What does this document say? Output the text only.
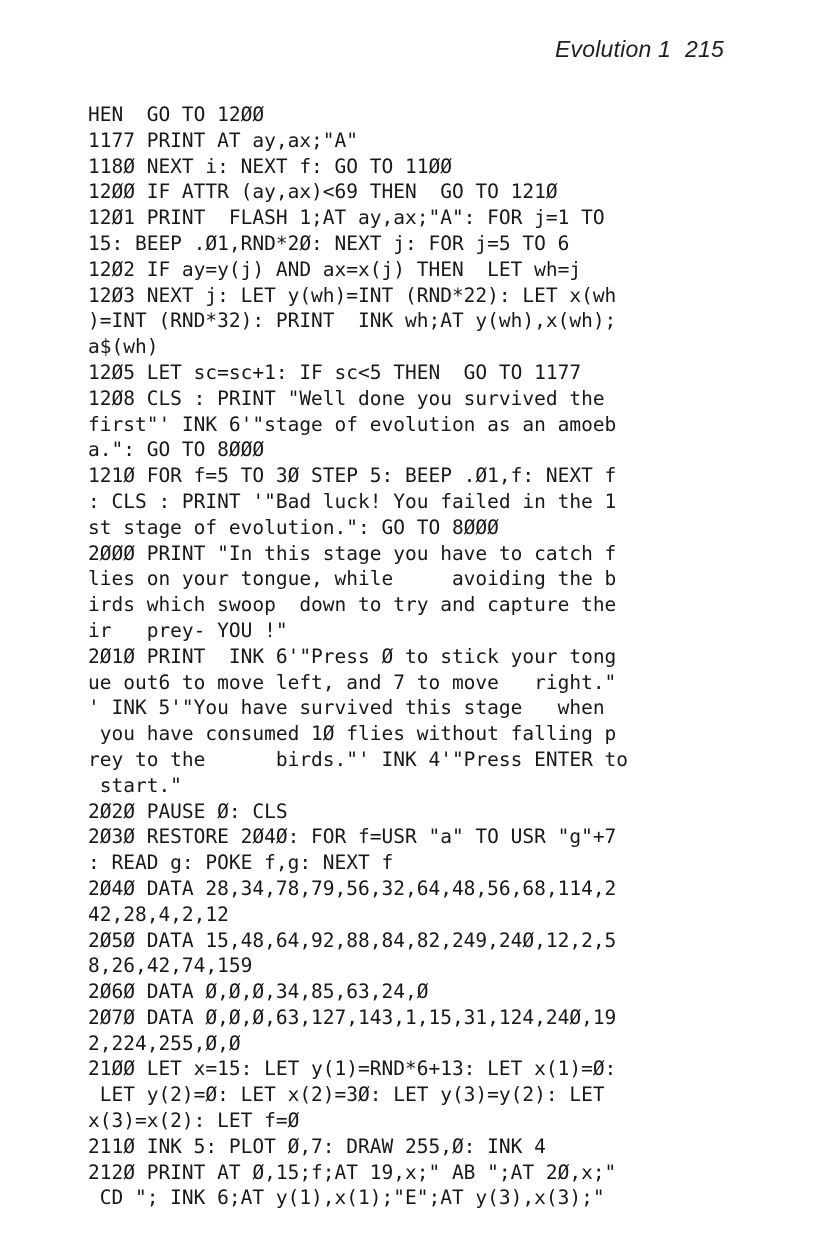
Evolution 1 215
HEN  GO TO 12ØØ
1177 PRINT AT ay,ax;"A"
118Ø NEXT i: NEXT f: GO TO 11ØØ
12ØØ IF ATTR (ay,ax)<69 THEN  GO TO 121Ø
12Ø1 PRINT  FLASH 1;AT ay,ax;"A": FOR j=1 TO
15: BEEP .Ø1,RND*2Ø: NEXT j: FOR j=5 TO 6
12Ø2 IF ay=y(j) AND ax=x(j) THEN  LET wh=j
12Ø3 NEXT j: LET y(wh)=INT (RND*22): LET x(wh
)=INT (RND*32): PRINT  INK wh;AT y(wh),x(wh);
a$(wh)
12Ø5 LET sc=sc+1: IF sc<5 THEN  GO TO 1177
12Ø8 CLS : PRINT "Well done you survived the
first"' INK 6'"stage of evolution as an amoeb
a.": GO TO 8ØØØ
121Ø FOR f=5 TO 3Ø STEP 5: BEEP .Ø1,f: NEXT f
: CLS : PRINT '"Bad luck! You failed in the 1
st stage of evolution.": GO TO 8ØØØ
2ØØØ PRINT "In this stage you have to catch f
lies on your tongue, while     avoiding the b
irds which swoop  down to try and capture the
ir   prey- YOU !"
2Ø1Ø PRINT  INK 6'"Press Ø to stick your tong
ue out6 to move left, and 7 to move   right."
' INK 5'"You have survived this stage   when
you have consumed 1Ø flies without falling p
rey to the      birds."' INK 4'"Press ENTER to
start."
2Ø2Ø PAUSE Ø: CLS
2Ø3Ø RESTORE 2Ø4Ø: FOR f=USR "a" TO USR "g"+7
: READ g: POKE f,g: NEXT f
2Ø4Ø DATA 28,34,78,79,56,32,64,48,56,68,114,2
42,28,4,2,12
2Ø5Ø DATA 15,48,64,92,88,84,82,249,24Ø,12,2,5
8,26,42,74,159
2Ø6Ø DATA Ø,Ø,Ø,34,85,63,24,Ø
2Ø7Ø DATA Ø,Ø,Ø,63,127,143,1,15,31,124,24Ø,19
2,224,255,Ø,Ø
21ØØ LET x=15: LET y(1)=RND*6+13: LET x(1)=Ø:
LET y(2)=Ø: LET x(2)=3Ø: LET y(3)=y(2): LET
x(3)=x(2): LET f=Ø
211Ø INK 5: PLOT Ø,7: DRAW 255,Ø: INK 4
212Ø PRINT AT Ø,15;f;AT 19,x;" AB ";AT 2Ø,x;"
CD "; INK 6;AT y(1),x(1);"E";AT y(3),x(3);"
